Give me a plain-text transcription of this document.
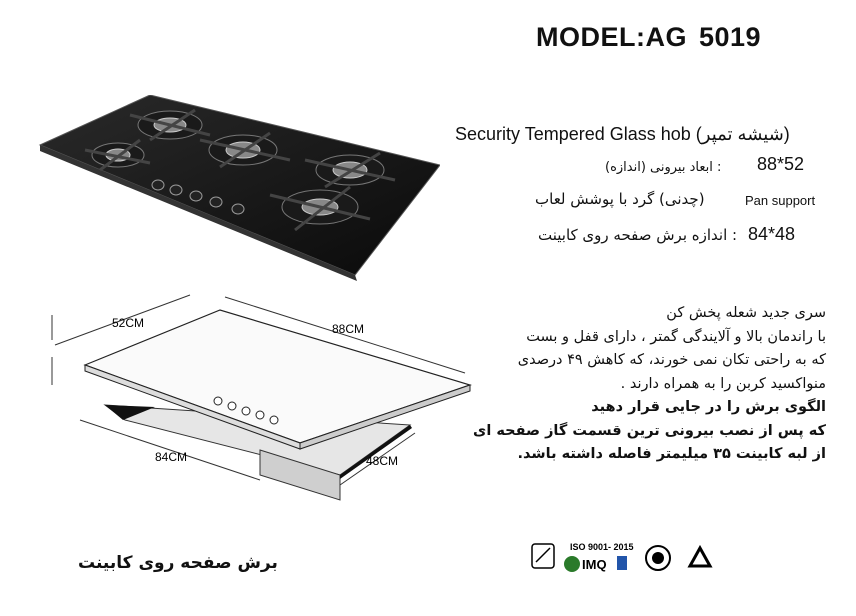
MODEL:AG 5019
Security Tempered Glass hob (شیشه تمپر)
88*52
: ابعاد بیرونی (اندازه)
Pan support
(چدنی) گرد با پوشش لعاب
84*48
: اندازه برش صفحه روی کابینت

سری جدید شعله پخش کن

با راندمان بالا و آلایندگی گمتر ، دارای قفل و بست

که به راحتی تکان نمی خورند، که کاهش ۴۹ درصدی

منواکسید کربن را به همراه دارند .

الگوی برش را در جایی قرار دهید

که پس از نصب بیرونی ترین قسمت گاز صفحه ای

از لبه کابینت ۳۵ میلیمتر فاصله داشته باشد.

52CM	88CM
84CM	48CM
برش صفحه روی کابینت
ISO 9001- 2015
IMQ
